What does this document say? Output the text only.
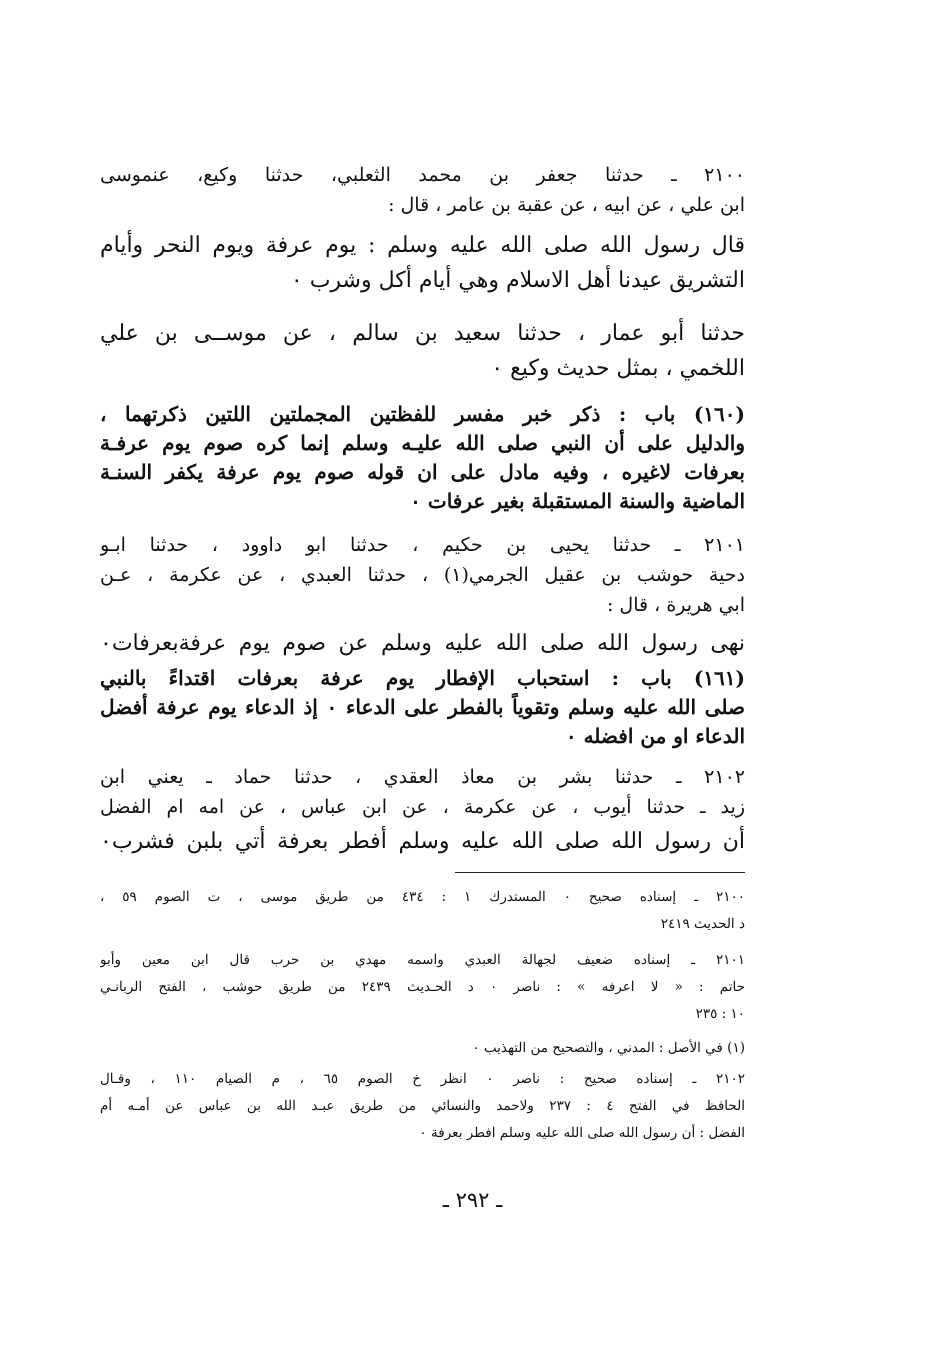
٢١٠٠ ـ حدثنا جعفر بن محمد الثعلبي، حدثنا وكيع، عنموسى
ابن علي ، عن ابيه ، عن عقبة بن عامر ، قال :
قال رسول الله صلى الله عليه وسلم : يوم عرفة ويوم النحر وأيام
التشريق عيدنا أهل الاسلام وهي أيام أكل وشرب ٠
حدثنا أبو عمار ، حدثنا سعيد بن سالم ، عن موســى بن علي
اللخمي ، بمثل حديث وكيع ٠
(١٦٠) باب : ذكر خبر مفسر للفظتين المجملتين اللتين ذكرتهما ،
والدليل على أن النبي صلى الله عليـه وسلم إنما كره صوم يوم عرفـة
بعرفات لاغيره ، وفيه مادل على ان قوله صوم يوم عرفة يكفر السنـة
الماضية والسنة المستقبلة بغير عرفات ٠
٢١٠١ ـ حدثنا يحيى بن حكيم ، حدثنا ابو داوود ، حدثنا ابـو
دحية حوشب بن عقيل الجرمي(١) ، حدثنا العبدي ، عن عكرمة ، عـن
ابي هريرة ، قال :
نهى رسول الله صلى الله عليه وسلم عن صوم يوم عرفةبعرفات٠
(١٦١) باب : استحباب الإفطار يوم عرفة بعرفات اقتداءً بالنبي
صلى الله عليه وسلم وتقوياً بالفطر على الدعاء ٠ إذ الدعاء يوم عرفة أفضل
الدعاء او من افضله ٠
٢١٠٢ ـ حدثنا بشر بن معاذ العقدي ، حدثنا حماد ـ يعني ابن
زيد ـ حدثنا أيوب ، عن عكرمة ، عن ابن عباس ، عن امه ام الفضل
أن رسول الله صلى الله عليه وسلم أفطر بعرفة أتي بلبن فشرب٠
٢١٠٠ ـ إسناده صحيح ٠ المستدرك ١ : ٤٣٤ من طريق موسى ، ت الصوم ٥٩ ،
د الحديث ٢٤١٩
٢١٠١ ـ إسناده ضعيف لجهالة العبدي واسمه مهدي بن حرب قال ابن معين وأبو
حاتم : « لا اعرفه » : ناصر ٠ د الحـديث ٢٤٣٩ من طريق حوشب ، الفتح الربانـي
١٠ : ٢٣٥
(١) في الأصل : المدني ، والتصحيح من التهذيب ٠
٢١٠٢ ـ إسناده صحيح : ناصر ٠ انظر خ الصوم ٦٥ ، م الصيام ١١٠ ، وقـال
الحافظ في الفتح ٤ : ٢٣٧ ولاحمد والنسائي من طريق عبـد الله بن عباس عن أمـه أم
الفضل : أن رسول الله صلى الله عليه وسلم افطر بعرفة ٠
ـ ٢٩٢ ـ
